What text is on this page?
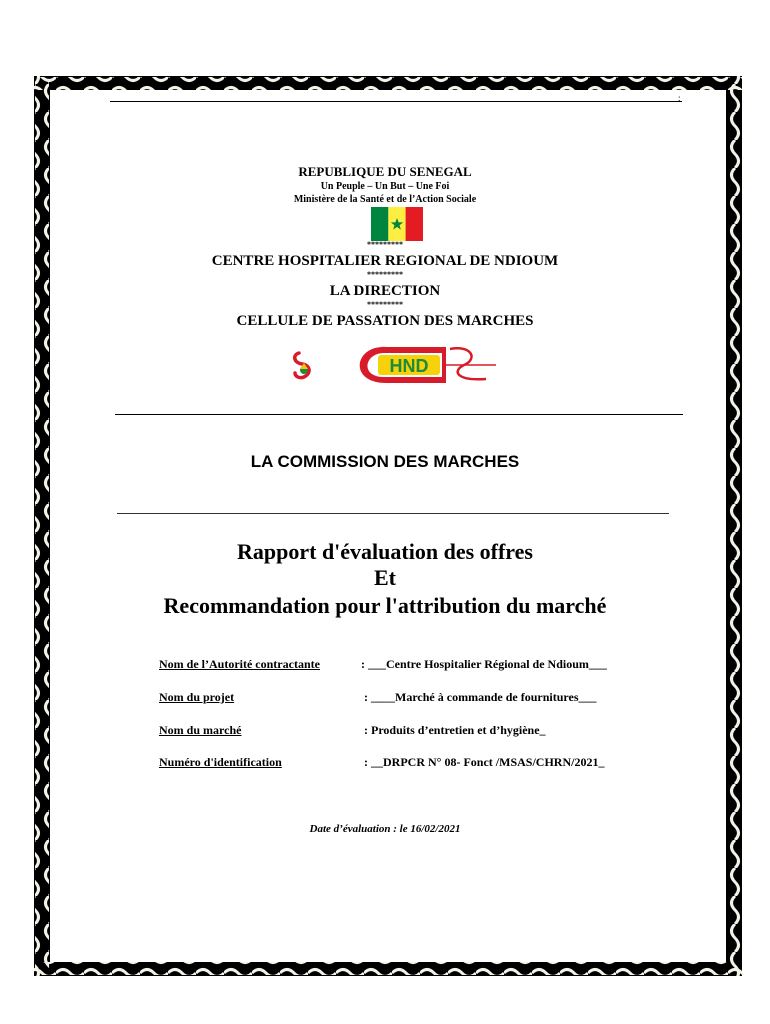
:
REPUBLIQUE DU SENEGAL
Un Peuple – Un But – Une Foi
Ministère de la Santé et de l’Action Sociale
*********
CENTRE HOSPITALIER REGIONAL DE NDIOUM
*********
LA DIRECTION
*********
CELLULE DE PASSATION DES MARCHES
HND
LA COMMISSION DES MARCHES
Rapport d'évaluation des offres
Et
Recommandation pour l'attribution du marché
Nom de l’Autorité contractante	: ___Centre Hospitalier Régional de Ndioum___
Nom du projet	: ____Marché à commande de fournitures___
Nom du marché	: Produits d’entretien et d’hygiène_
Numéro d'identification	: __DRPCR N° 08- Fonct /MSAS/CHRN/2021_
Date d’évaluation : le 16/02/2021
